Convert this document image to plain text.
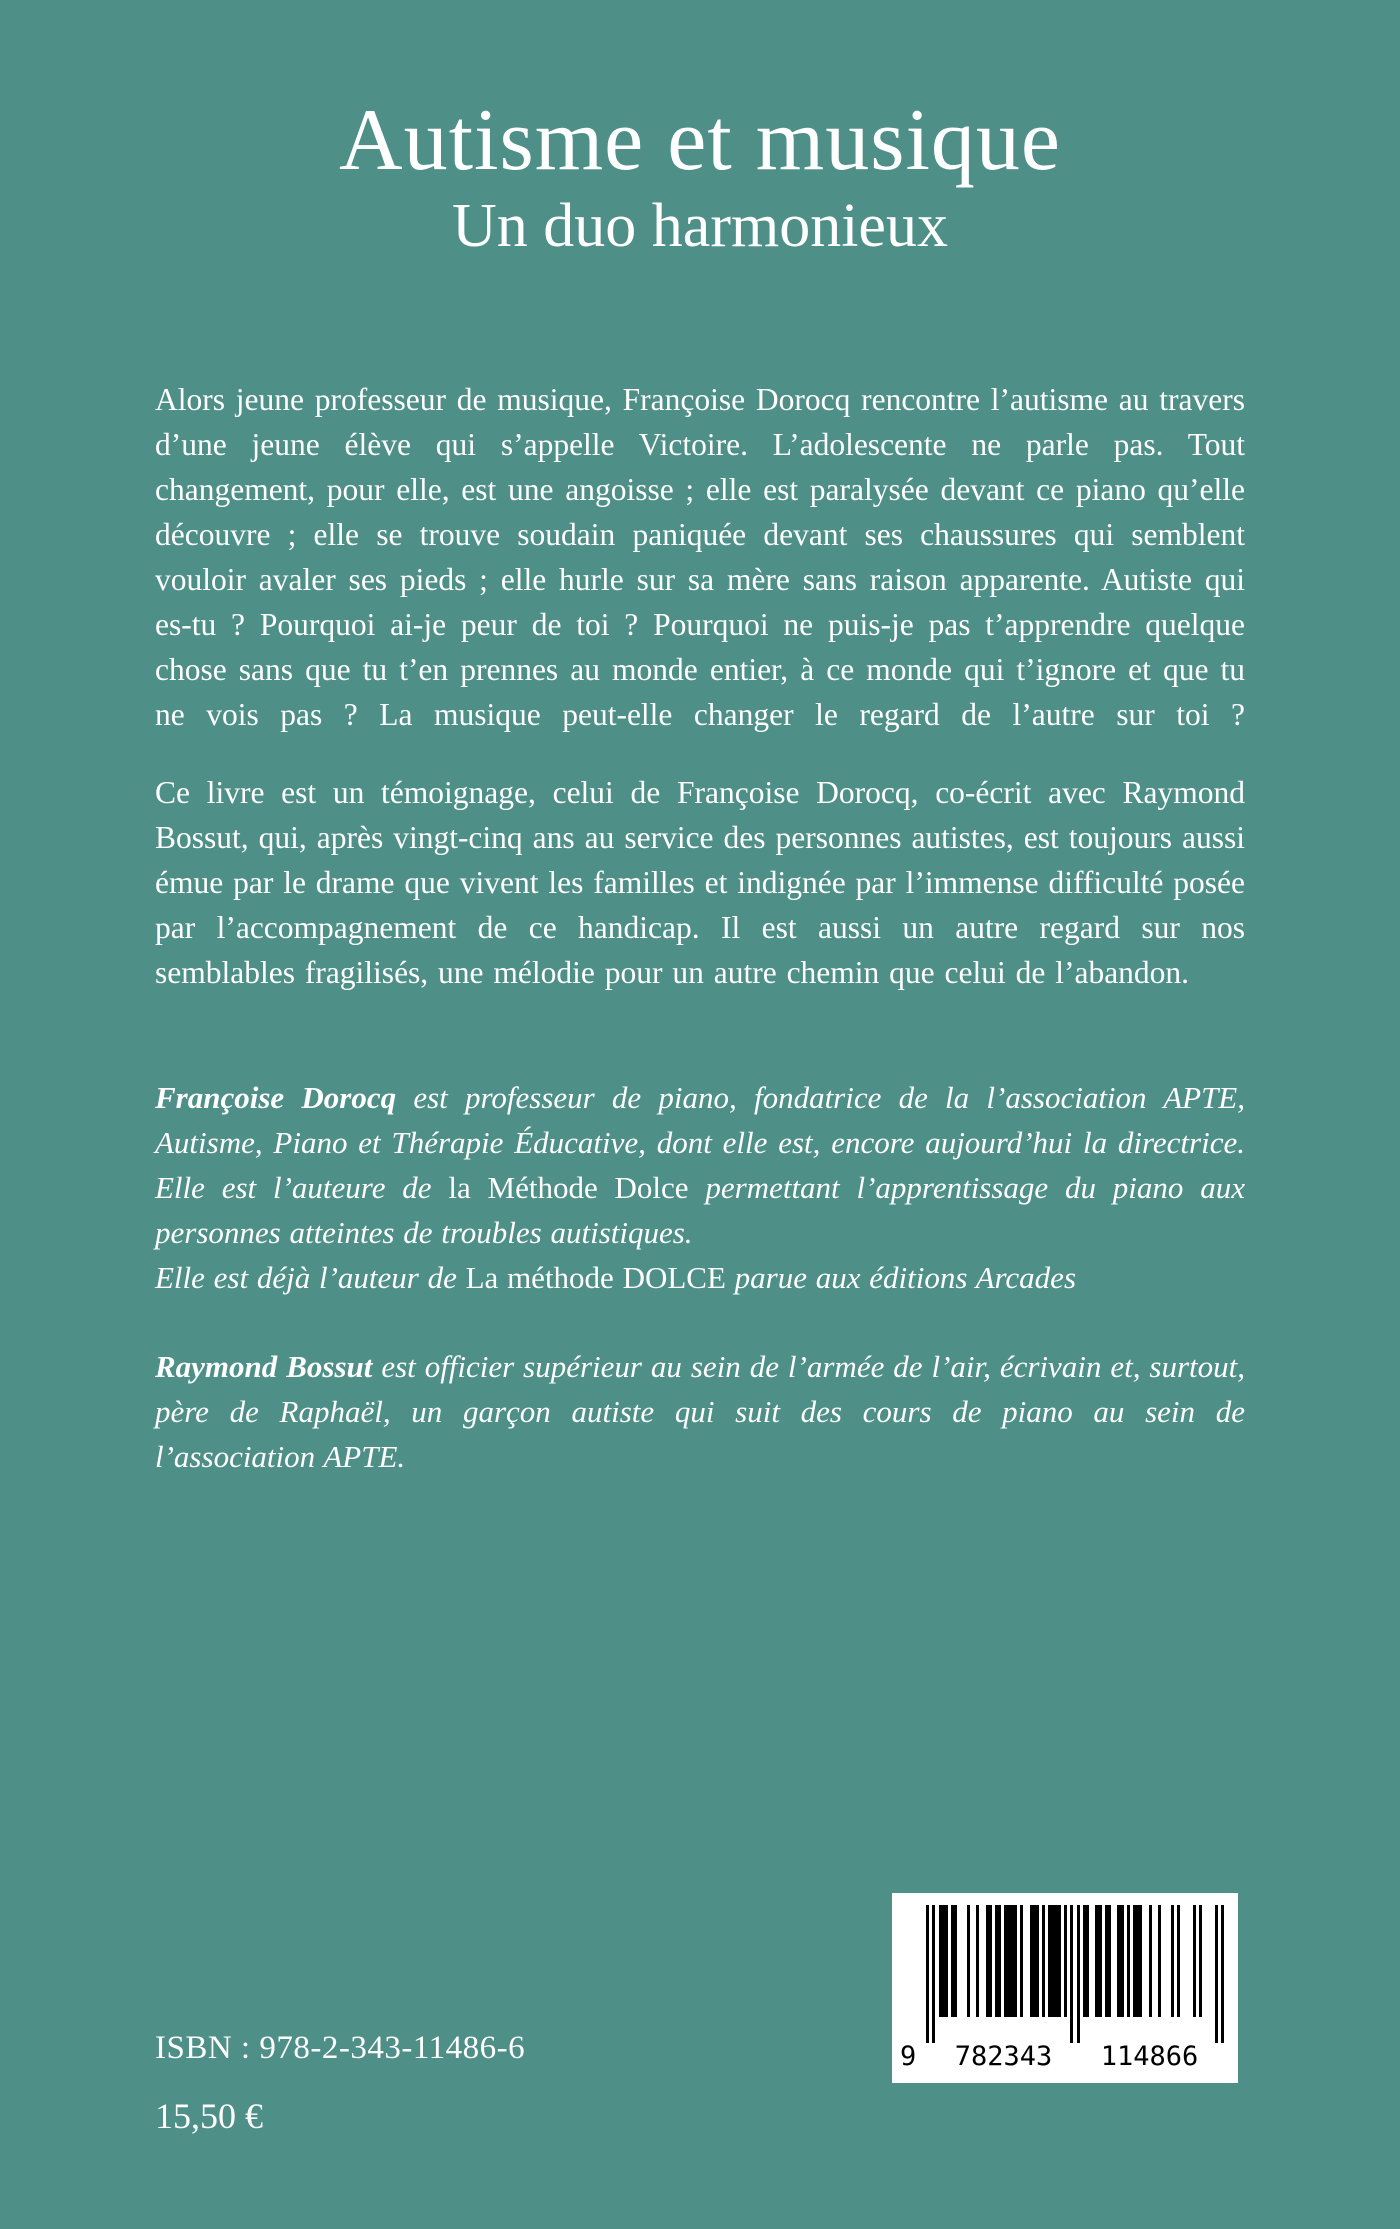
Autisme et musique
Un duo harmonieux

Alors jeune professeur de musique, Françoise Dorocq rencontre l’autisme au travers d’une jeune élève qui s’appelle Victoire. L’adolescente ne parle pas. Tout changement, pour elle, est une angoisse ; elle est paralysée devant ce piano qu’elle découvre ; elle se trouve soudain paniquée devant ses chaussures qui semblent vouloir avaler ses pieds ; elle hurle sur sa mère sans raison apparente. Autiste qui es-tu ? Pourquoi ai-je peur de toi ? Pourquoi ne puis-je pas t’apprendre quelque chose sans que tu t’en prennes au monde entier, à ce monde qui t’ignore et que tu ne vois pas ? La musique peut-elle changer le regard de l’autre sur toi ?

Ce livre est un témoignage, celui de Françoise Dorocq, co-écrit avec Raymond Bossut, qui, après vingt-cinq ans au service des personnes autistes, est toujours aussi émue par le drame que vivent les familles et indignée par l’immense difficulté posée par l’accompagnement de ce handicap. Il est aussi un autre regard sur nos semblables fragilisés, une mélodie pour un autre chemin que celui de l’abandon.

Françoise Dorocq est professeur de piano, fondatrice de la l’association APTE, Autisme, Piano et Thérapie Éducative, dont elle est, encore aujourd’hui la directrice. Elle est l’auteure de la Méthode Dolce permettant l’apprentissage du piano aux personnes atteintes de troubles autistiques.

Elle est déjà l’auteur de La méthode DOLCE parue aux éditions Arcades

Raymond Bossut est officier supérieur au sein de l’armée de l’air, écrivain et, surtout, père de Raphaël, un garçon autiste qui suit des cours de piano au sein de l’association APTE.

ISBN : 978-2-343-11486-6
15,50 €
9	782343	114866
